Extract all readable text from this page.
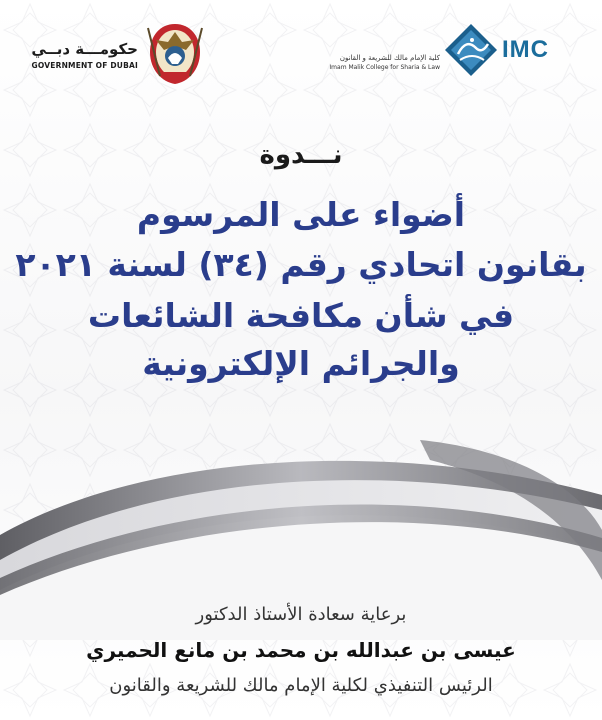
حكومـــة دبــي
GOVERNMENT OF DUBAI
كلية الإمام مالك للشريعة و القانون
Imam Malik College for Sharia & Law
IMC
نـــدوة
أضواء على المرسوم
بقانون اتحادي رقم (٣٤) لسنة ٢٠٢١
في شأن مكافحة الشائعات
والجرائم الإلكترونية
برعاية سعادة الأستاذ الدكتور
عيسى بن عبدالله بن محمد بن مانع الحميري
الرئيس التنفيذي لكلية الإمام مالك للشريعة والقانون
